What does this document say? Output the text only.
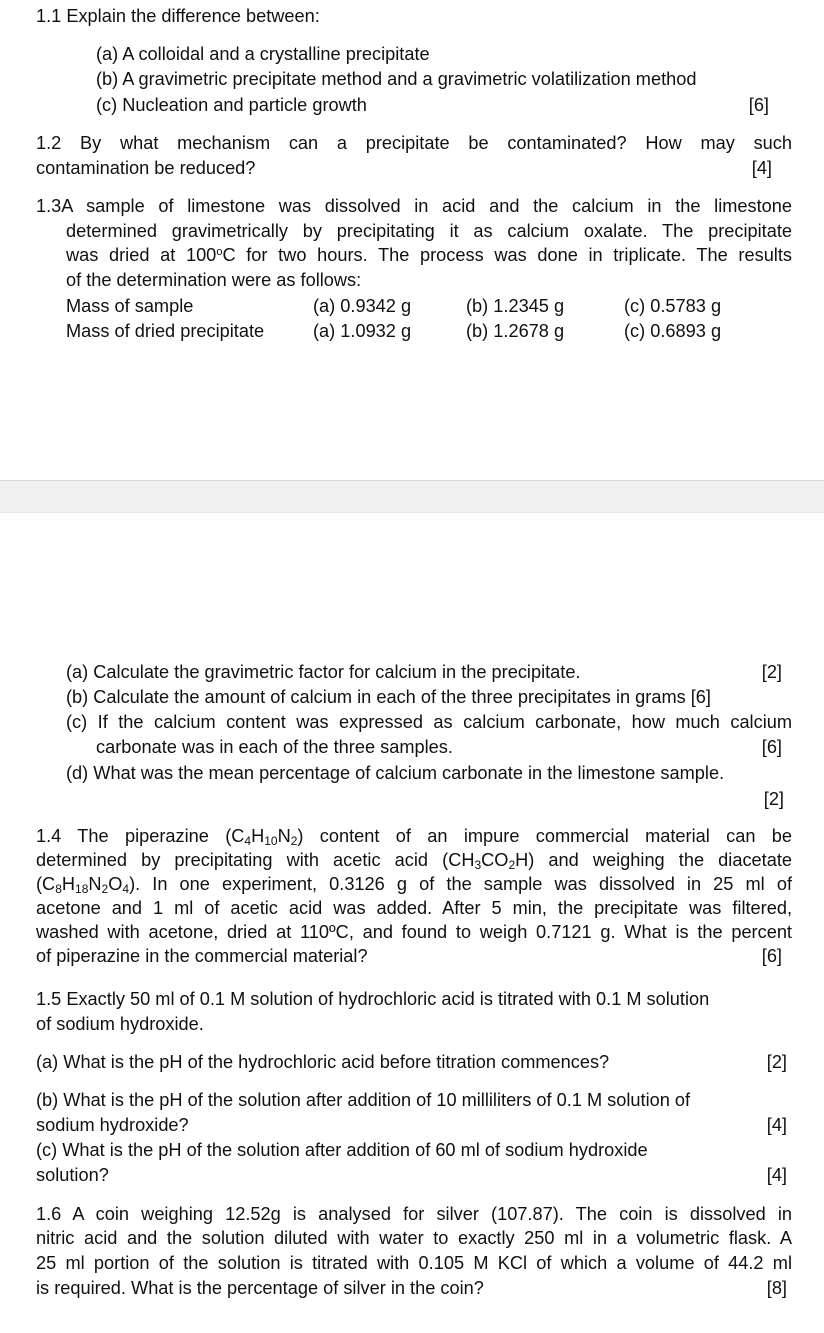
1.1 Explain the difference between:
(a) A colloidal and a crystalline precipitate
(b) A gravimetric precipitate method and a gravimetric volatilization method
(c) Nucleation and particle growth	[6]
1.2 By what mechanism can a precipitate be contaminated? How may such
contamination be reduced?	[4]
1.3A sample of limestone was dissolved in acid and the calcium in the limestone
determined gravimetrically by precipitating it as calcium oxalate. The precipitate
was dried at 100$^o$C for two hours. The process was done in triplicate. The results
of the determination were as follows:
Mass of sample	(a) 0.9342 g	(b) 1.2345 g	(c) 0.5783 g
Mass of dried precipitate	(a) 1.0932 g	(b) 1.2678 g	(c) 0.6893 g
(a) Calculate the gravimetric factor for calcium in the precipitate.	[2]
(b) Calculate the amount of calcium in each of the three precipitates in grams [6]
(c) If the calcium content was expressed as calcium carbonate, how much calcium
carbonate was in each of the three samples.	[6]
(d) What was the mean percentage of calcium carbonate in the limestone sample.
[2]
1.4 The piperazine $(C_4H_{10}N_2)$ content of an impure commercial material can be
determined by precipitating with acetic acid $(CH_3CO_2H)$ and weighing the diacetate
$(C_8H_{18}N_2O_4)$. In one experiment, 0.3126 g of the sample was dissolved in 25 ml of
acetone and 1 ml of acetic acid was added. After 5 min, the precipitate was filtered,
washed with acetone, dried at 110ºC, and found to weigh 0.7121 g. What is the percent
of piperazine in the commercial material?	[6]
1.5 Exactly 50 ml of 0.1 M solution of hydrochloric acid is titrated with 0.1 M solution
of sodium hydroxide.
(a) What is the pH of the hydrochloric acid before titration commences?	[2]
(b) What is the pH of the solution after addition of 10 milliliters of 0.1 M solution of
sodium hydroxide?	[4]
(c) What is the pH of the solution after addition of 60 ml of sodium hydroxide
solution?	[4]
1.6 A coin weighing 12.52g is analysed for silver (107.87). The coin is dissolved in
nitric acid and the solution diluted with water to exactly 250 ml in a volumetric flask. A
25 ml portion of the solution is titrated with 0.105 M KCl of which a volume of 44.2 ml
is required. What is the percentage of silver in the coin?	[8]
